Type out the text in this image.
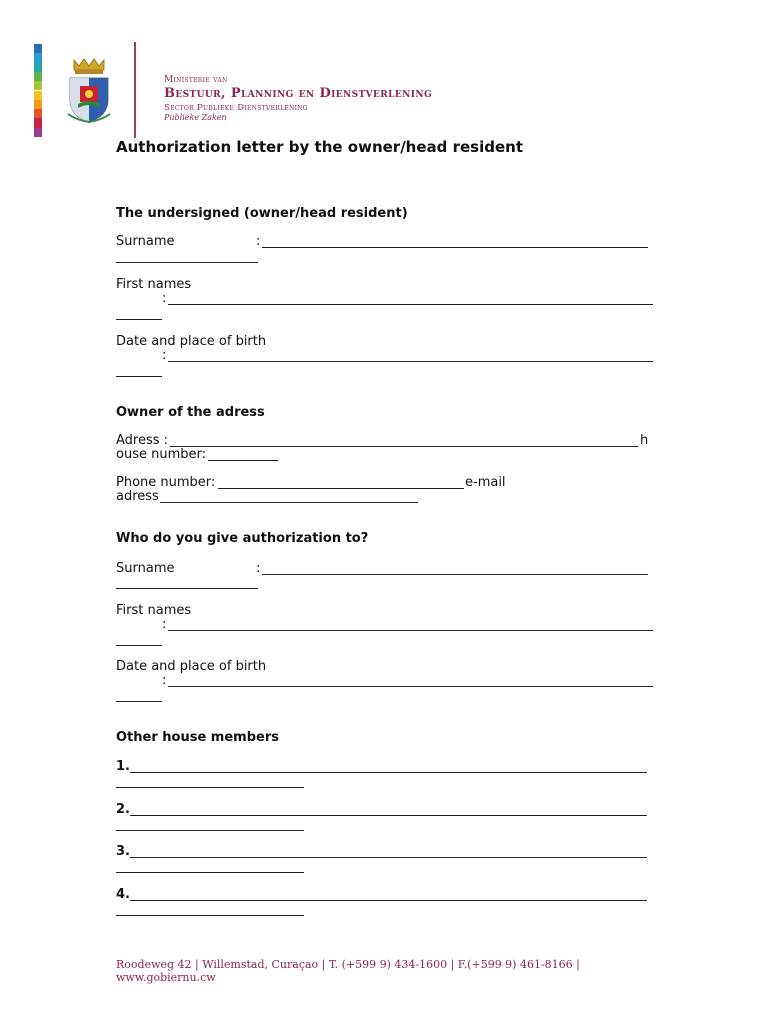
Ministerie van
Bestuur, Planning en Dienstverlening
Sector Publieke Dienstverlening
Publieke Zaken
Authorization letter by the owner/head resident
The undersigned (owner/head resident)
Surname	:
First names
:
Date and place of birth
:
Owner of the adress
Adress :	h
ouse number:
Phone number:	e-mail
adress
Who do you give authorization to?
Surname	:
First names
:
Date and place of birth
:
Other house members
1.
2.
3.
4.
Roodeweg 42 | Willemstad, Curaçao | T. (+599 9) 434-1600 | F.(+599 9) 461-8166 |
www.gobiernu.cw
